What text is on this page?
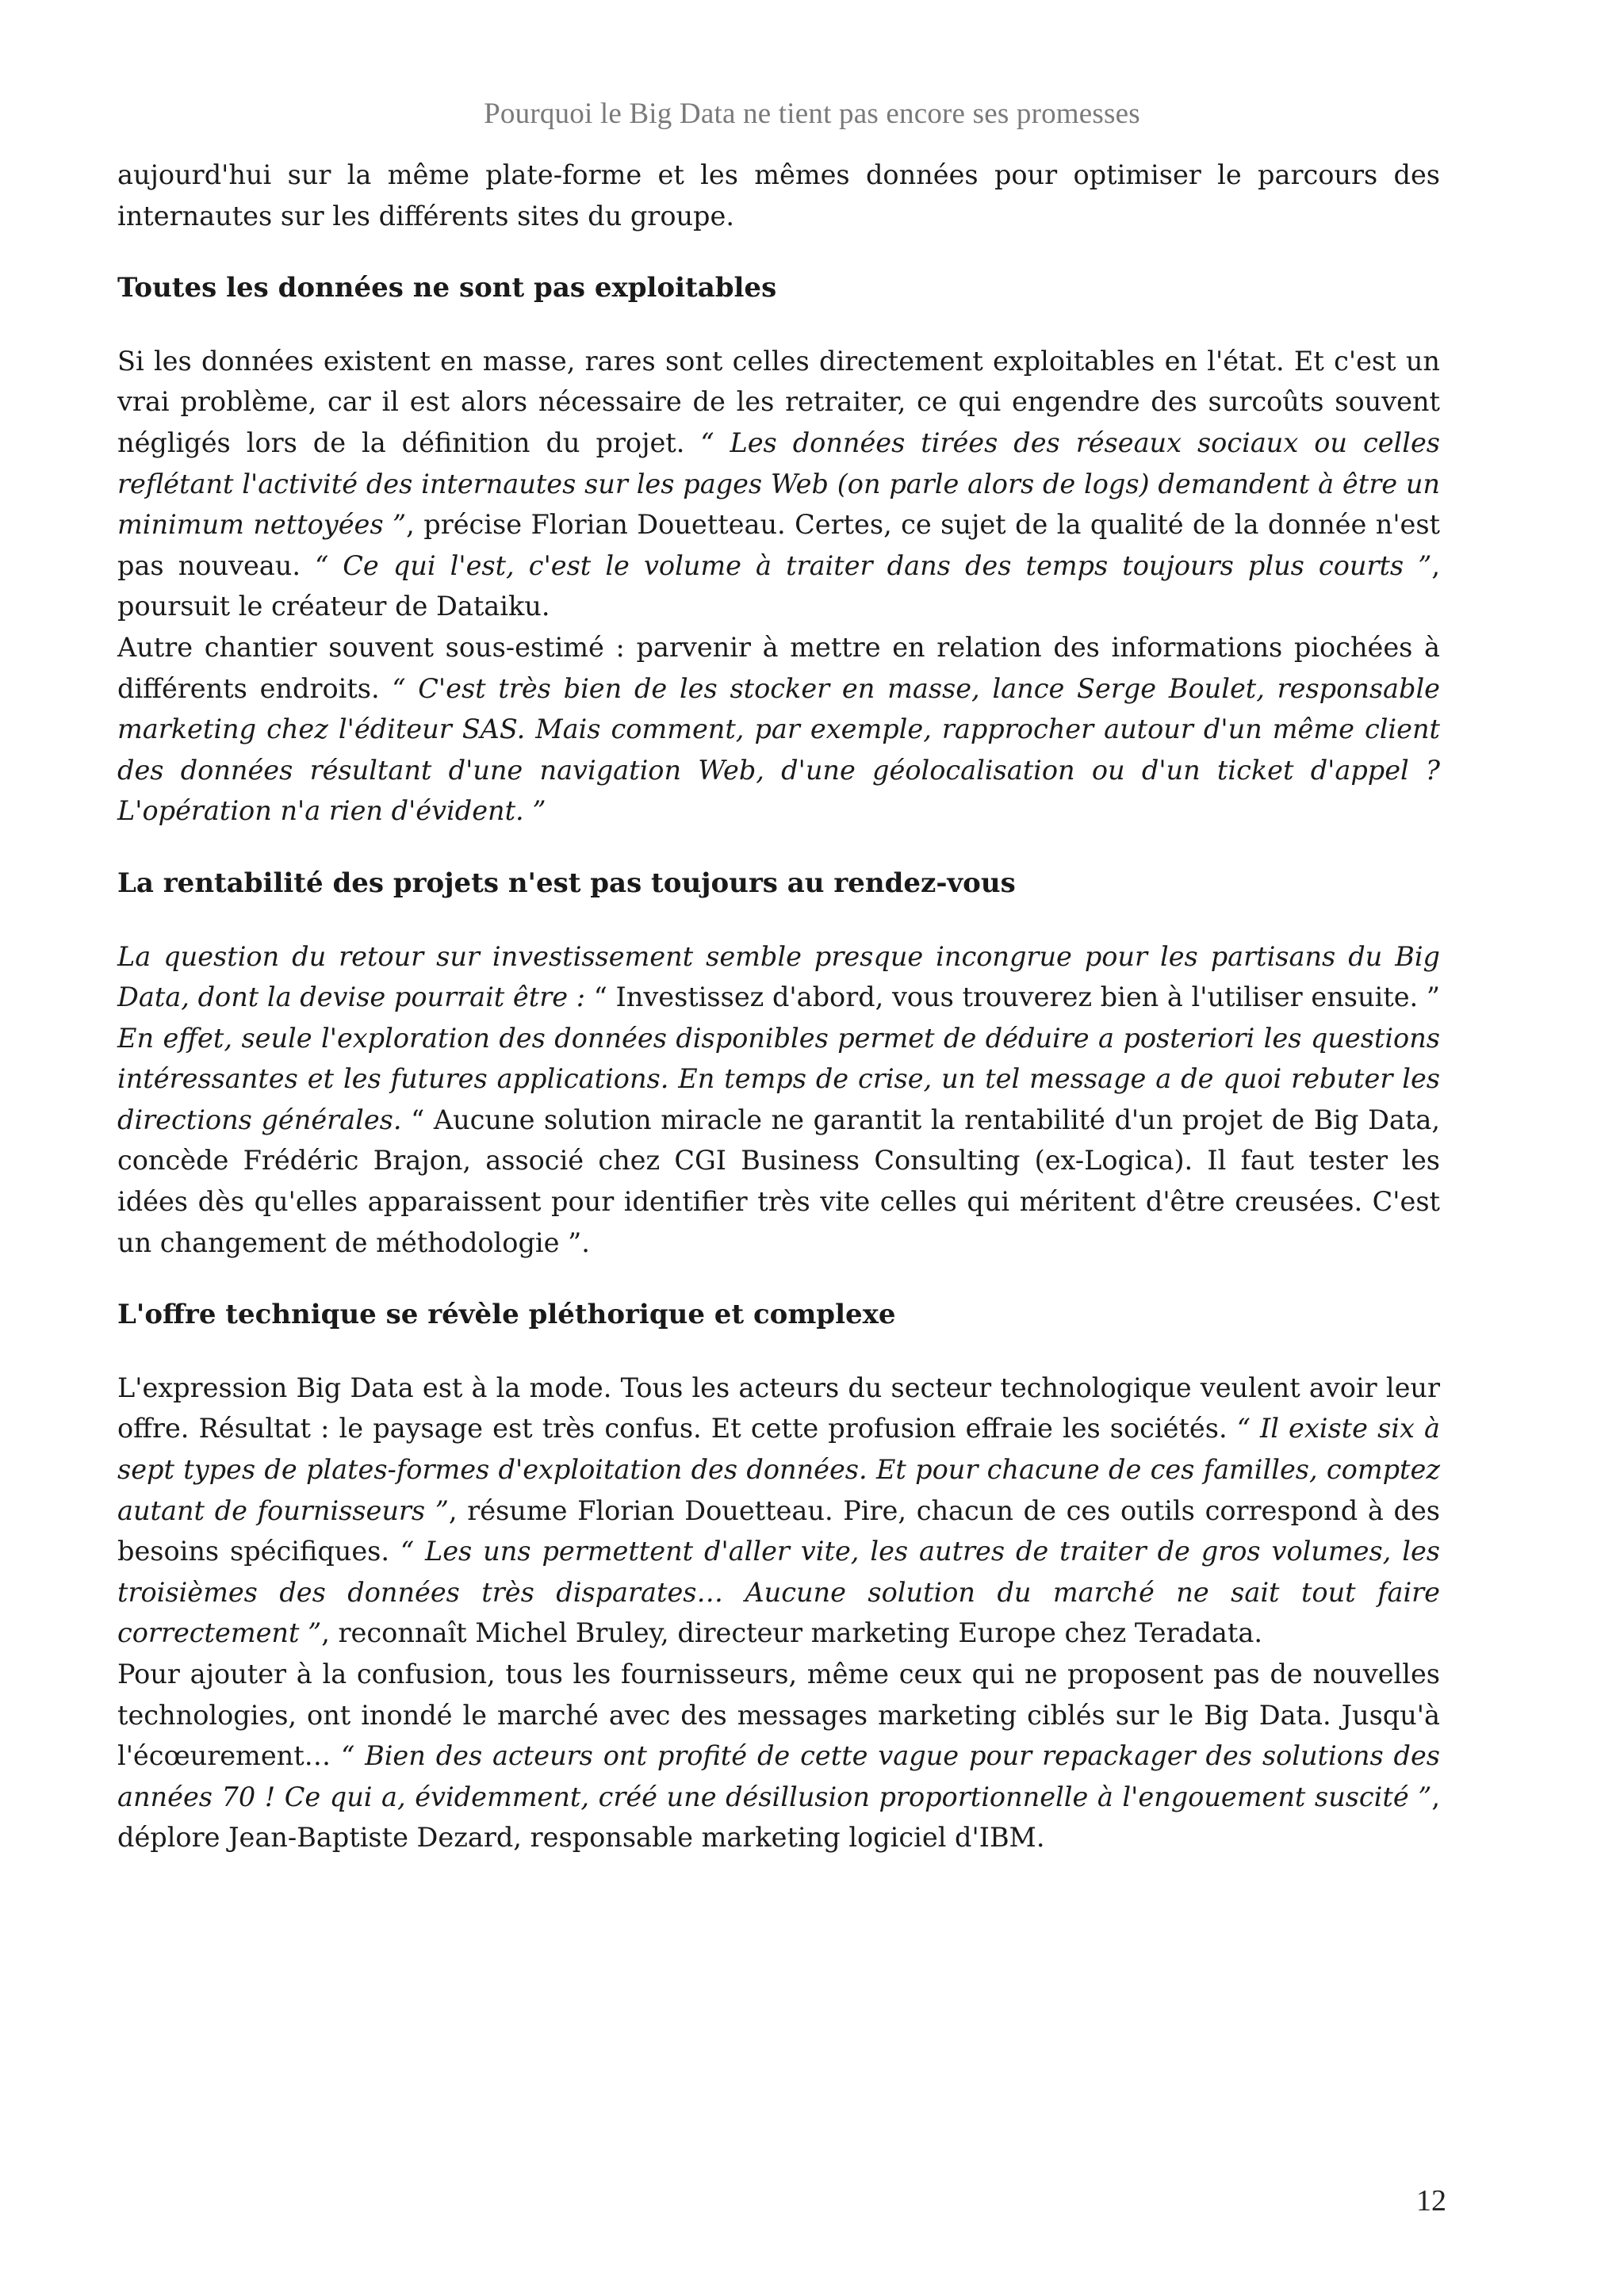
Pourquoi le Big Data ne tient pas encore ses promesses

aujourd'hui sur la même plate-forme et les mêmes données pour optimiser le parcours des internautes sur les différents sites du groupe.

Toutes les données ne sont pas exploitables

Si les données existent en masse, rares sont celles directement exploitables en l'état. Et c'est un vrai problème, car il est alors nécessaire de les retraiter, ce qui engendre des surcoûts souvent négligés lors de la définition du projet. “ Les données tirées des réseaux sociaux ou celles reflétant l'activité des internautes sur les pages Web (on parle alors de logs) demandent à être un minimum nettoyées ”, précise Florian Douetteau. Certes, ce sujet de la qualité de la donnée n'est pas nouveau. “ Ce qui l'est, c'est le volume à traiter dans des temps toujours plus courts ”, poursuit le créateur de Dataiku.

Autre chantier souvent sous-estimé : parvenir à mettre en relation des informations piochées à différents endroits. “ C'est très bien de les stocker en masse, lance Serge Boulet, responsable marketing chez l'éditeur SAS. Mais comment, par exemple, rapprocher autour d'un même client des données résultant d'une navigation Web, d'une géolocalisation ou d'un ticket d'appel ? L'opération n'a rien d'évident. ”

La rentabilité des projets n'est pas toujours au rendez-vous

La question du retour sur investissement semble presque incongrue pour les partisans du Big Data, dont la devise pourrait être : “ Investissez d'abord, vous trouverez bien à l'utiliser ensuite. ” En effet, seule l'exploration des données disponibles permet de déduire a posteriori les questions intéressantes et les futures applications. En temps de crise, un tel message a de quoi rebuter les directions générales. “ Aucune solution miracle ne garantit la rentabilité d'un projet de Big Data, concède Frédéric Brajon, associé chez CGI Business Consulting (ex-Logica). Il faut tester les idées dès qu'elles apparaissent pour identifier très vite celles qui méritent d'être creusées. C'est un changement de méthodologie ”.

L'offre technique se révèle pléthorique et complexe

L'expression Big Data est à la mode. Tous les acteurs du secteur technologique veulent avoir leur offre. Résultat : le paysage est très confus. Et cette profusion effraie les sociétés. “ Il existe six à sept types de plates-formes d'exploitation des données. Et pour chacune de ces familles, comptez autant de fournisseurs ”, résume Florian Douetteau. Pire, chacun de ces outils correspond à des besoins spécifiques. “ Les uns permettent d'aller vite, les autres de traiter de gros volumes, les troisièmes des données très disparates… Aucune solution du marché ne sait tout faire correctement ”, reconnaît Michel Bruley, directeur marketing Europe chez Teradata.

Pour ajouter à la confusion, tous les fournisseurs, même ceux qui ne proposent pas de nouvelles technologies, ont inondé le marché avec des messages marketing ciblés sur le Big Data. Jusqu'à l'écœurement… “ Bien des acteurs ont profité de cette vague pour repackager des solutions des années 70 ! Ce qui a, évidemment, créé une désillusion proportionnelle à l'engouement suscité ”, déplore Jean-Baptiste Dezard, responsable marketing logiciel d'IBM.

12
